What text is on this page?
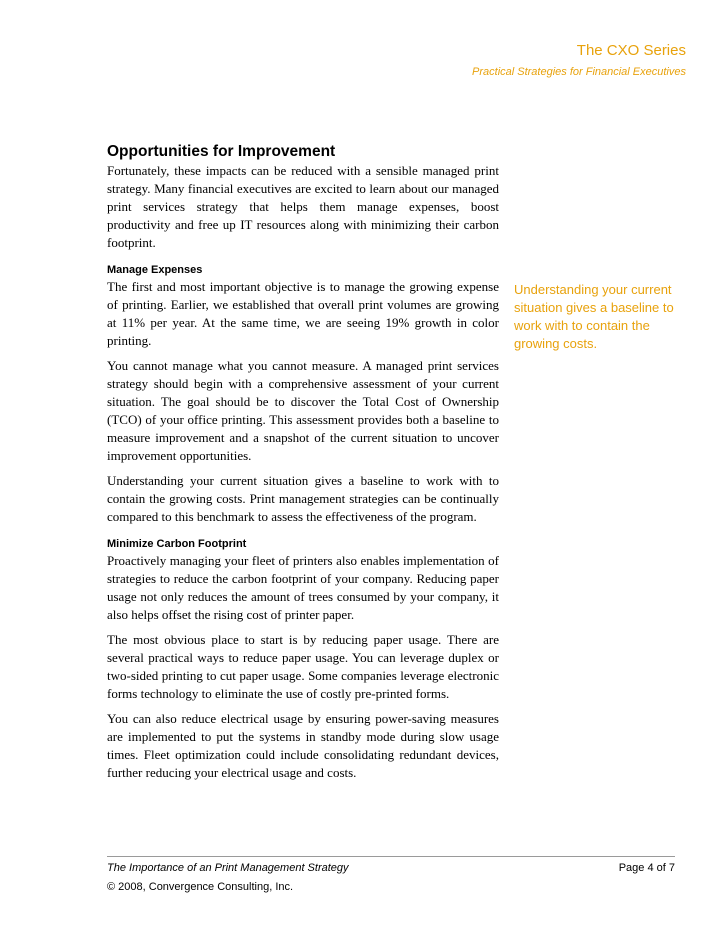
The CXO Series

Practical Strategies for Financial Executives

Opportunities for Improvement

Fortunately, these impacts can be reduced with a sensible managed print strategy. Many financial executives are excited to learn about our managed print services strategy that helps them manage expenses, boost productivity and free up IT resources along with minimizing their carbon footprint.

Manage Expenses

The first and most important objective is to manage the growing expense of printing. Earlier, we established that overall print volumes are growing at 11% per year. At the same time, we are seeing 19% growth in color printing.

You cannot manage what you cannot measure. A managed print services strategy should begin with a comprehensive assessment of your current situation. The goal should be to discover the Total Cost of Ownership (TCO) of your office printing. This assessment provides both a baseline to measure improvement and a snapshot of the current situation to uncover improvement opportunities.

Understanding your current situation gives a baseline to work with to contain the growing costs. Print management strategies can be continually compared to this benchmark to assess the effectiveness of the program.

Minimize Carbon Footprint

Proactively managing your fleet of printers also enables implementation of strategies to reduce the carbon footprint of your company. Reducing paper usage not only reduces the amount of trees consumed by your company, it also helps offset the rising cost of printer paper.

The most obvious place to start is by reducing paper usage. There are several practical ways to reduce paper usage. You can leverage duplex or two-sided printing to cut paper usage. Some companies leverage electronic forms technology to eliminate the use of costly pre-printed forms.

You can also reduce electrical usage by ensuring power-saving measures are implemented to put the systems in standby mode during slow usage times. Fleet optimization could include consolidating redundant devices, further reducing your electrical usage and costs.

Understanding your current situation gives a baseline to work with to contain the growing costs.

The Importance of an Print Management Strategy	Page 4 of 7

© 2008, Convergence Consulting, Inc.
